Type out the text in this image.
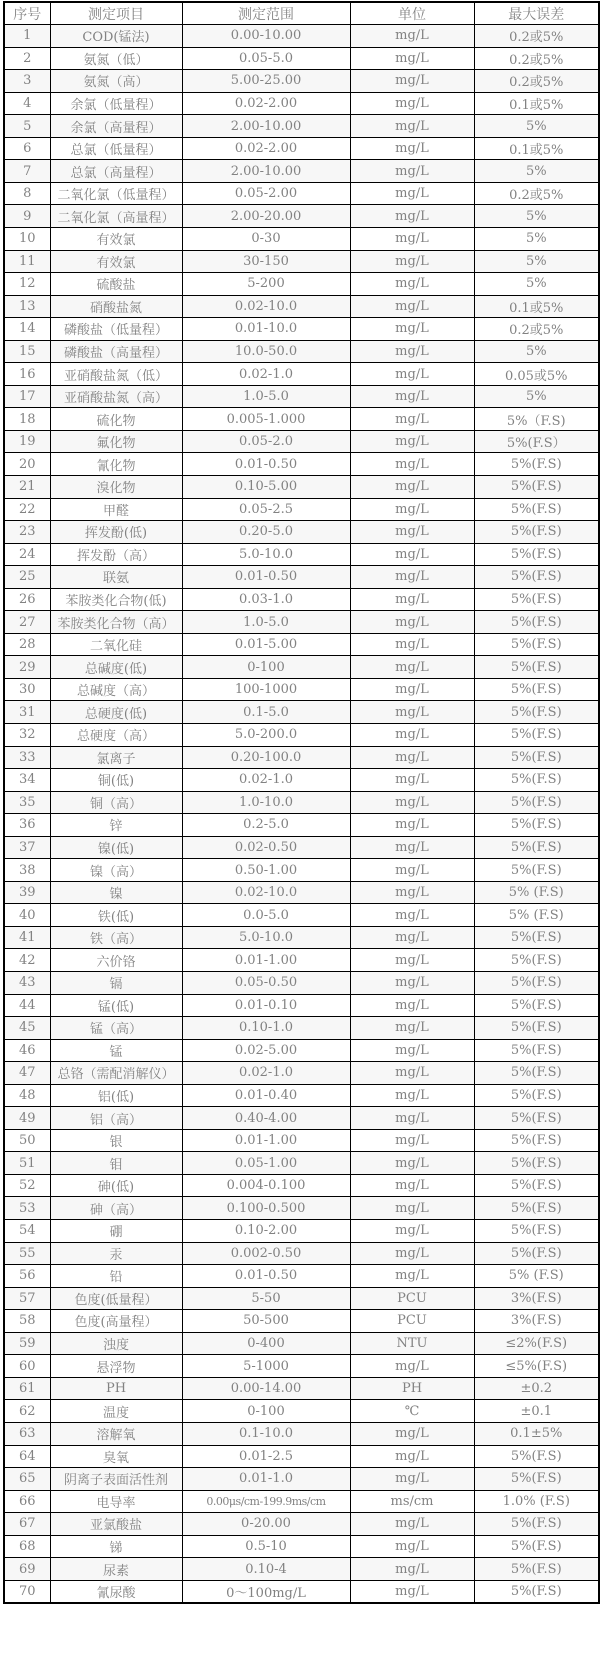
序号	测定项目	测定范围	单位	最大误差
1	COD(锰法)	0.00-10.00	mg/L	0.2或5%
2	氨氮（低）	0.05-5.0	mg/L	0.2或5%
3	氨氮（高）	5.00-25.00	mg/L	0.2或5%
4	余氯（低量程）	0.02-2.00	mg/L	0.1或5%
5	余氯（高量程）	2.00-10.00	mg/L	5%
6	总氯（低量程）	0.02-2.00	mg/L	0.1或5%
7	总氯（高量程）	2.00-10.00	mg/L	5%
8	二氧化氯（低量程）	0.05-2.00	mg/L	0.2或5%
9	二氧化氯（高量程）	2.00-20.00	mg/L	5%
10	有效氯	0-30	mg/L	5%
11	有效氯	30-150	mg/L	5%
12	硫酸盐	5-200	mg/L	5%
13	硝酸盐氮	0.02-10.0	mg/L	0.1或5%
14	磷酸盐（低量程）	0.01-10.0	mg/L	0.2或5%
15	磷酸盐（高量程）	10.0-50.0	mg/L	5%
16	亚硝酸盐氮（低）	0.02-1.0	mg/L	0.05或5%
17	亚硝酸盐氮（高）	1.0-5.0	mg/L	5%
18	硫化物	0.005-1.000	mg/L	5%（F.S)
19	氟化物	0.05-2.0	mg/L	5%(F.S）
20	氰化物	0.01-0.50	mg/L	5%(F.S)
21	溴化物	0.10-5.00	mg/L	5%(F.S)
22	甲醛	0.05-2.5	mg/L	5%(F.S)
23	挥发酚(低)	0.20-5.0	mg/L	5%(F.S)
24	挥发酚（高）	5.0-10.0	mg/L	5%(F.S)
25	联氨	0.01-0.50	mg/L	5%(F.S)
26	苯胺类化合物(低)	0.03-1.0	mg/L	5%(F.S)
27	苯胺类化合物（高）	1.0-5.0	mg/L	5%(F.S)
28	二氧化硅	0.01-5.00	mg/L	5%(F.S)
29	总碱度(低)	0-100	mg/L	5%(F.S)
30	总碱度（高）	100-1000	mg/L	5%(F.S)
31	总硬度(低)	0.1-5.0	mg/L	5%(F.S)
32	总硬度（高）	5.0-200.0	mg/L	5%(F.S)
33	氯离子	0.20-100.0	mg/L	5%(F.S)
34	铜(低)	0.02-1.0	mg/L	5%(F.S)
35	铜（高）	1.0-10.0	mg/L	5%(F.S)
36	锌	0.2-5.0	mg/L	5%(F.S)
37	镍(低)	0.02-0.50	mg/L	5%(F.S)
38	镍（高）	0.50-1.00	mg/L	5%(F.S)
39	镍	0.02-10.0	mg/L	5% (F.S)
40	铁(低)	0.0-5.0	mg/L	5% (F.S)
41	铁（高）	5.0-10.0	mg/L	5%(F.S)
42	六价铬	0.01-1.00	mg/L	5%(F.S)
43	镉	0.05-0.50	mg/L	5%(F.S)
44	锰(低)	0.01-0.10	mg/L	5%(F.S)
45	锰（高）	0.10-1.0	mg/L	5%(F.S)
46	锰	0.02-5.00	mg/L	5%(F.S)
47	总铬（需配消解仪）	0.02-1.0	mg/L	5%(F.S)
48	铝(低)	0.01-0.40	mg/L	5%(F.S)
49	铝（高）	0.40-4.00	mg/L	5%(F.S)
50	银	0.01-1.00	mg/L	5%(F.S)
51	钼	0.05-1.00	mg/L	5%(F.S)
52	砷(低)	0.004-0.100	mg/L	5%(F.S)
53	砷（高）	0.100-0.500	mg/L	5%(F.S)
54	硼	0.10-2.00	mg/L	5%(F.S)
55	汞	0.002-0.50	mg/L	5%(F.S)
56	铅	0.01-0.50	mg/L	5% (F.S)
57	色度(低量程）	5-50	PCU	3%(F.S)
58	色度(高量程）	50-500	PCU	3%(F.S)
59	浊度	0-400	NTU	≤2%(F.S)
60	悬浮物	5-1000	mg/L	≤5%(F.S)
61	PH	0.00-14.00	PH	±0.2
62	温度	0-100	℃	±0.1
63	溶解氧	0.1-10.0	mg/L	0.1±5%
64	臭氧	0.01-2.5	mg/L	5%(F.S)
65	阴离子表面活性剂	0.01-1.0	mg/L	5%(F.S)
66	电导率	0.00μs/cm-199.9ms/cm	ms/cm	1.0% (F.S)
67	亚氯酸盐	0-20.00	mg/L	5%(F.S)
68	锑	0.5-10	mg/L	5%(F.S)
69	尿素	0.10-4	mg/L	5%(F.S)
70	氰尿酸	0～100mg/L	mg/L	5%(F.S)
